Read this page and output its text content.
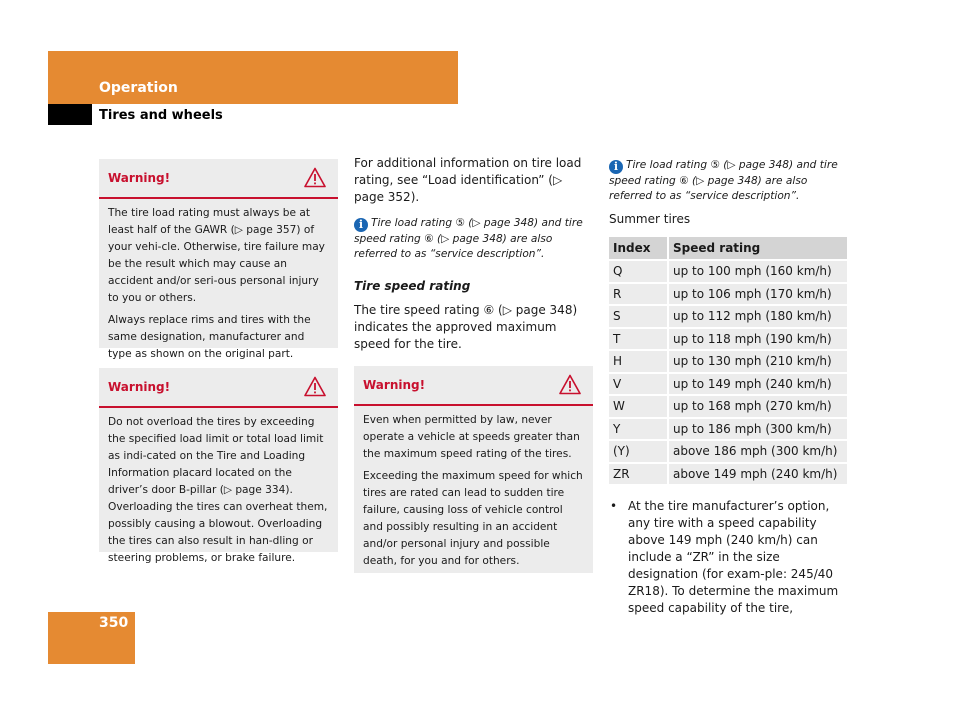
Operation
Tires and wheels
Warning!

The tire load rating must always be at least half of the GAWR (▷ page 357) of your vehi-cle. Otherwise, tire failure may be the result which may cause an accident and/or seri-ous personal injury to you or others.

Always replace rims and tires with the same designation, manufacturer and type as shown on the original part.

Warning!

Do not overload the tires by exceeding the specified load limit or total load limit as indi-cated on the Tire and Loading Information placard located on the driver’s door B-pillar (▷ page 334). Overloading the tires can overheat them, possibly causing a blowout. Overloading the tires can also result in han-dling or steering problems, or brake failure.

For additional information on tire load rating, see “Load identification” (▷ page 352).
i Tire load rating ⑤ (▷ page 348) and tire speed rating ⑥ (▷ page 348) are also referred to as “service description”.
Tire speed rating
The tire speed rating ⑥ (▷ page 348) indicates the approved maximum speed for the tire.
Warning!

Even when permitted by law, never operate a vehicle at speeds greater than the maximum speed rating of the tires.

Exceeding the maximum speed for which tires are rated can lead to sudden tire failure, causing loss of vehicle control and possibly resulting in an accident and/or personal injury and possible death, for you and for others.

i Tire load rating ⑤ (▷ page 348) and tire speed rating ⑥ (▷ page 348) are also referred to as “service description”.
Summer tires
Index	Speed rating
Q	up to 100 mph (160 km/h)
R	up to 106 mph (170 km/h)
S	up to 112 mph (180 km/h)
T	up to 118 mph (190 km/h)
H	up to 130 mph (210 km/h)
V	up to 149 mph (240 km/h)
W	up to 168 mph (270 km/h)
Y	up to 186 mph (300 km/h)
(Y)	above 186 mph (300 km/h)
ZR	above 149 mph (240 km/h)
• At the tire manufacturer’s option, any tire with a speed capability above 149 mph (240 km/h) can include a “ZR” in the size designation (for exam-ple: 245/40 ZR18). To determine the maximum speed capability of the tire,
350
